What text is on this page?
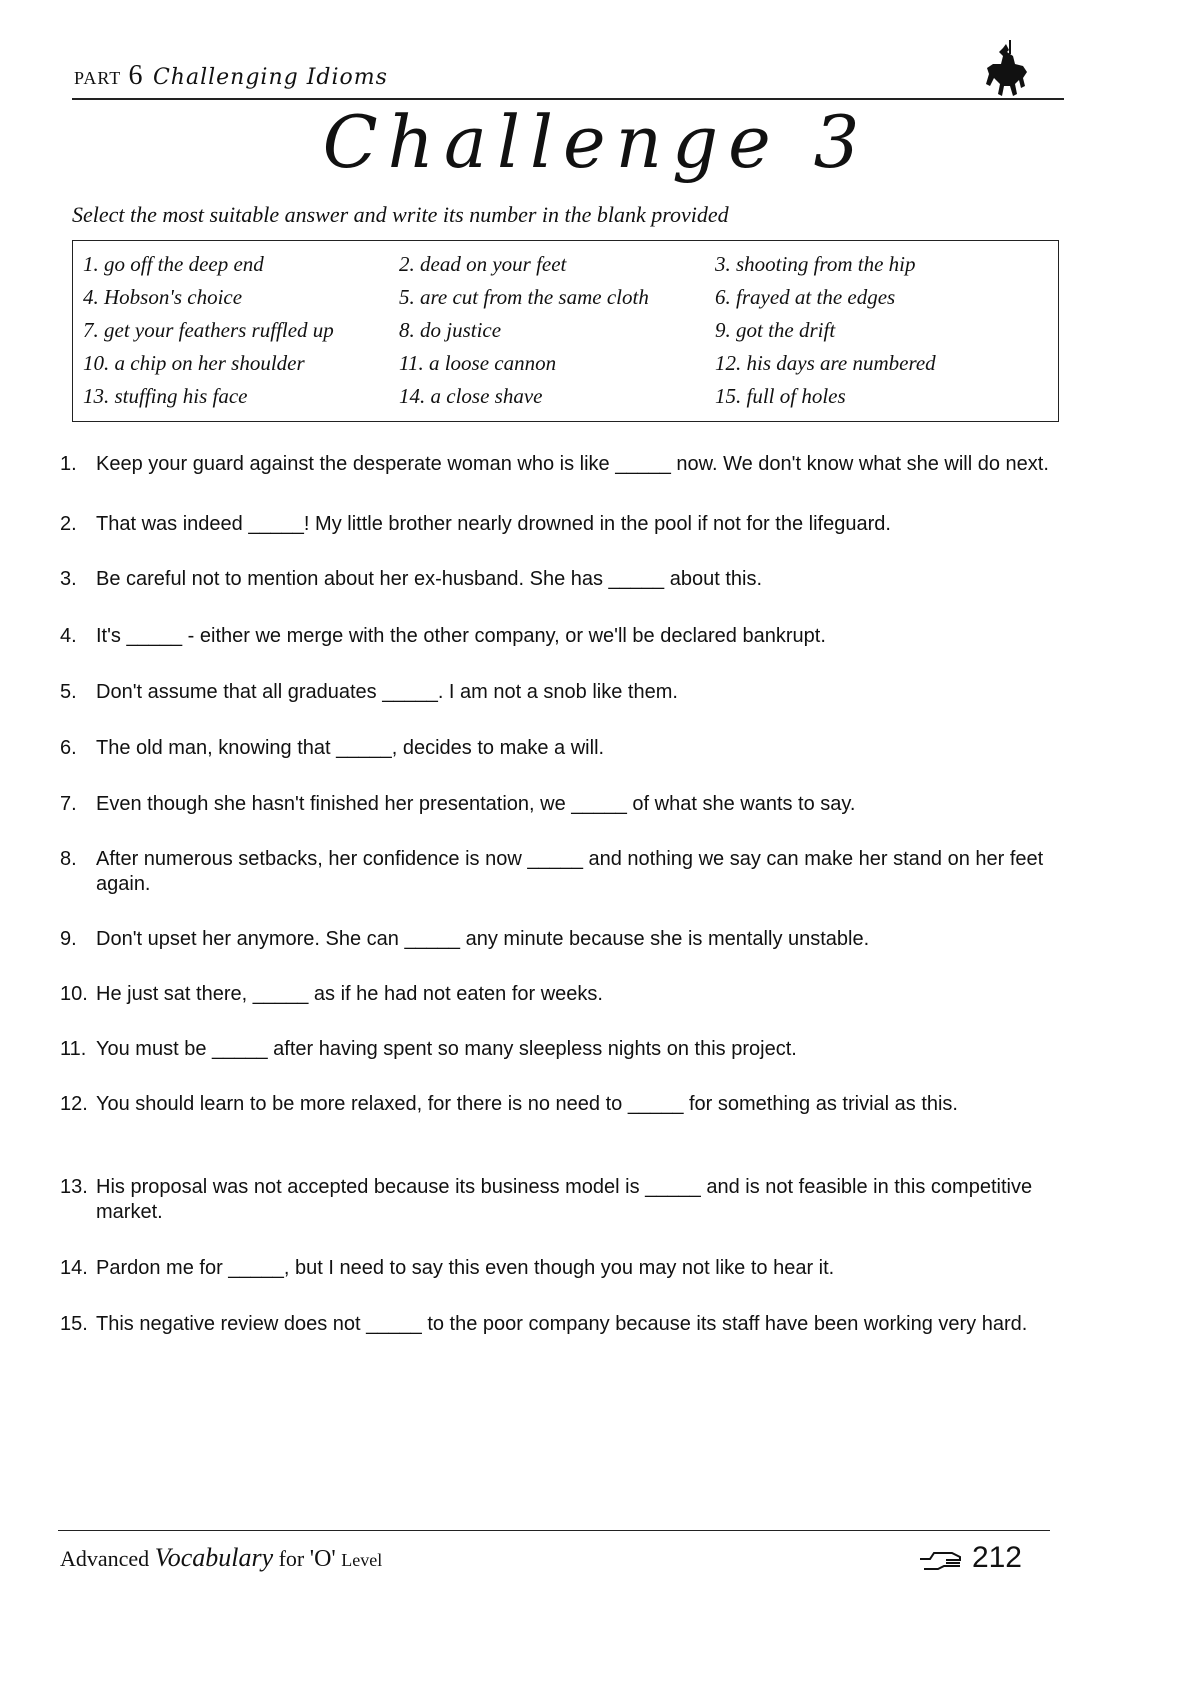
PART 6 Challenging Idioms
Challenge 3
Select the most suitable answer and write its number in the blank provided
1. go off the deep end	2. dead on your feet	3. shooting from the hip
4. Hobson's choice	5. are cut from the same cloth	6. frayed at the edges
7. get your feathers ruffled up	8. do justice	9. got the drift
10. a chip on her shoulder	11. a loose cannon	12. his days are numbered
13. stuffing his face	14. a close shave	15. full of holes
1. Keep your guard against the desperate woman who is like _____ now. We don't know what she will do next.
2. That was indeed _____! My little brother nearly drowned in the pool if not for the lifeguard.
3. Be careful not to mention about her ex-husband. She has _____ about this.
4. It's _____ - either we merge with the other company, or we'll be declared bankrupt.
5. Don't assume that all graduates _____. I am not a snob like them.
6. The old man, knowing that _____, decides to make a will.
7. Even though she hasn't finished her presentation, we _____ of what she wants to say.
8. After numerous setbacks, her confidence is now _____ and nothing we say can make her stand on her feet again.
9. Don't upset her anymore. She can _____ any minute because she is mentally unstable.
10. He just sat there, _____ as if he had not eaten for weeks.
11. You must be _____ after having spent so many sleepless nights on this project.
12. You should learn to be more relaxed, for there is no need to _____ for something as trivial as this.
13. His proposal was not accepted because its business model is _____ and is not feasible in this competitive market.
14. Pardon me for _____, but I need to say this even though you may not like to hear it.
15. This negative review does not _____ to the poor company because its staff have been working very hard.
Advanced Vocabulary for 'O' Level	212
